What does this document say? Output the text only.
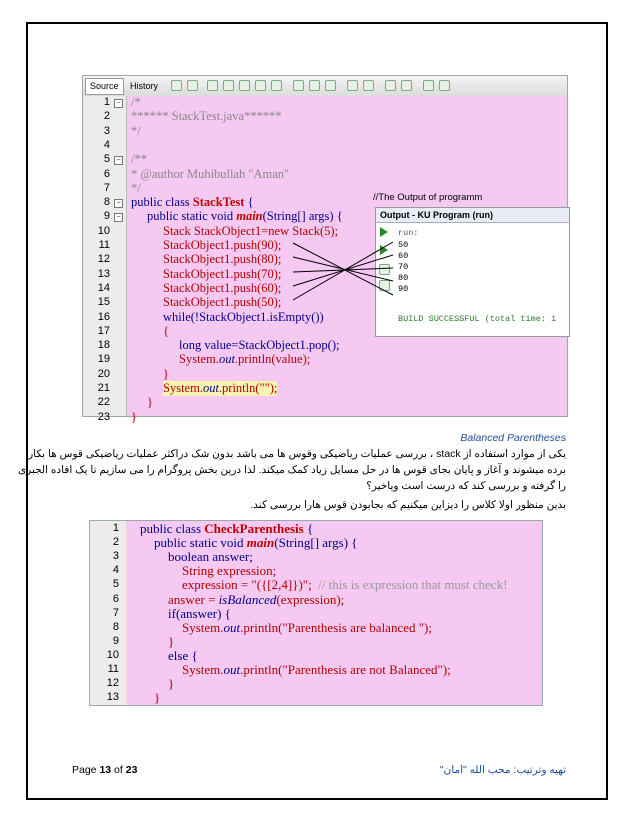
Source	History
1 /*
2 ****** StackTest.java******
3 */
4
5 /**
6 * @author Muhibullah "Aman"
7 */
8 public class StackTest {
9	public static void main(String[] args) {
10	Stack StackObject1=new Stack(5);
11	StackObject1.push(90);
12	StackObject1.push(80);
13	StackObject1.push(70);
14	StackObject1.push(60);
15	StackObject1.push(50);
16	while(!StackObject1.isEmpty())
17	{
18	long value=StackObject1.pop();
19	System.out.println(value);
20	}
21	System.out.println("");
22	}
23 }
−
−
−
−
//The Output of programm
Output - KU Program (run)
run:
50
60
70
80
90
BUILD SUCCESSFUL (total time: 1
Balanced Parentheses
یکی از موارد استفاده از stack ، بررسی عملیات ریاضیکی وقوس ها می باشد بدون شک دراکثر عملیات ریاضیکی قوس ها بکار
برده میشوند و آغاز و پایان بجای قوس ها در حل مسایل زیاد کمک میکند. لذا درین بخش پروگرام را می سازیم تا یک افاده الجبری
را گرفته و بررسی کند که درست است ویاخیر؟
بدین منظور اولا کلاس را دیزاین میکنیم که بجابودن قوس هارا بررسی کند.
1 public class CheckParenthesis {
2	public static void main(String[] args) {
3	boolean answer;
4	String expression;
5	expression = "({[2,4]})";  // this is expression that must check!
6	answer = isBalanced(expression);
7	if(answer) {
8	System.out.println("Parenthesis are balanced ");
9	}
10	else {
11	System.out.println("Parenthesis are not Balanced");
12	}
13	}
Page 13 of 23	تهیه وترتیب: محب الله "امان"
